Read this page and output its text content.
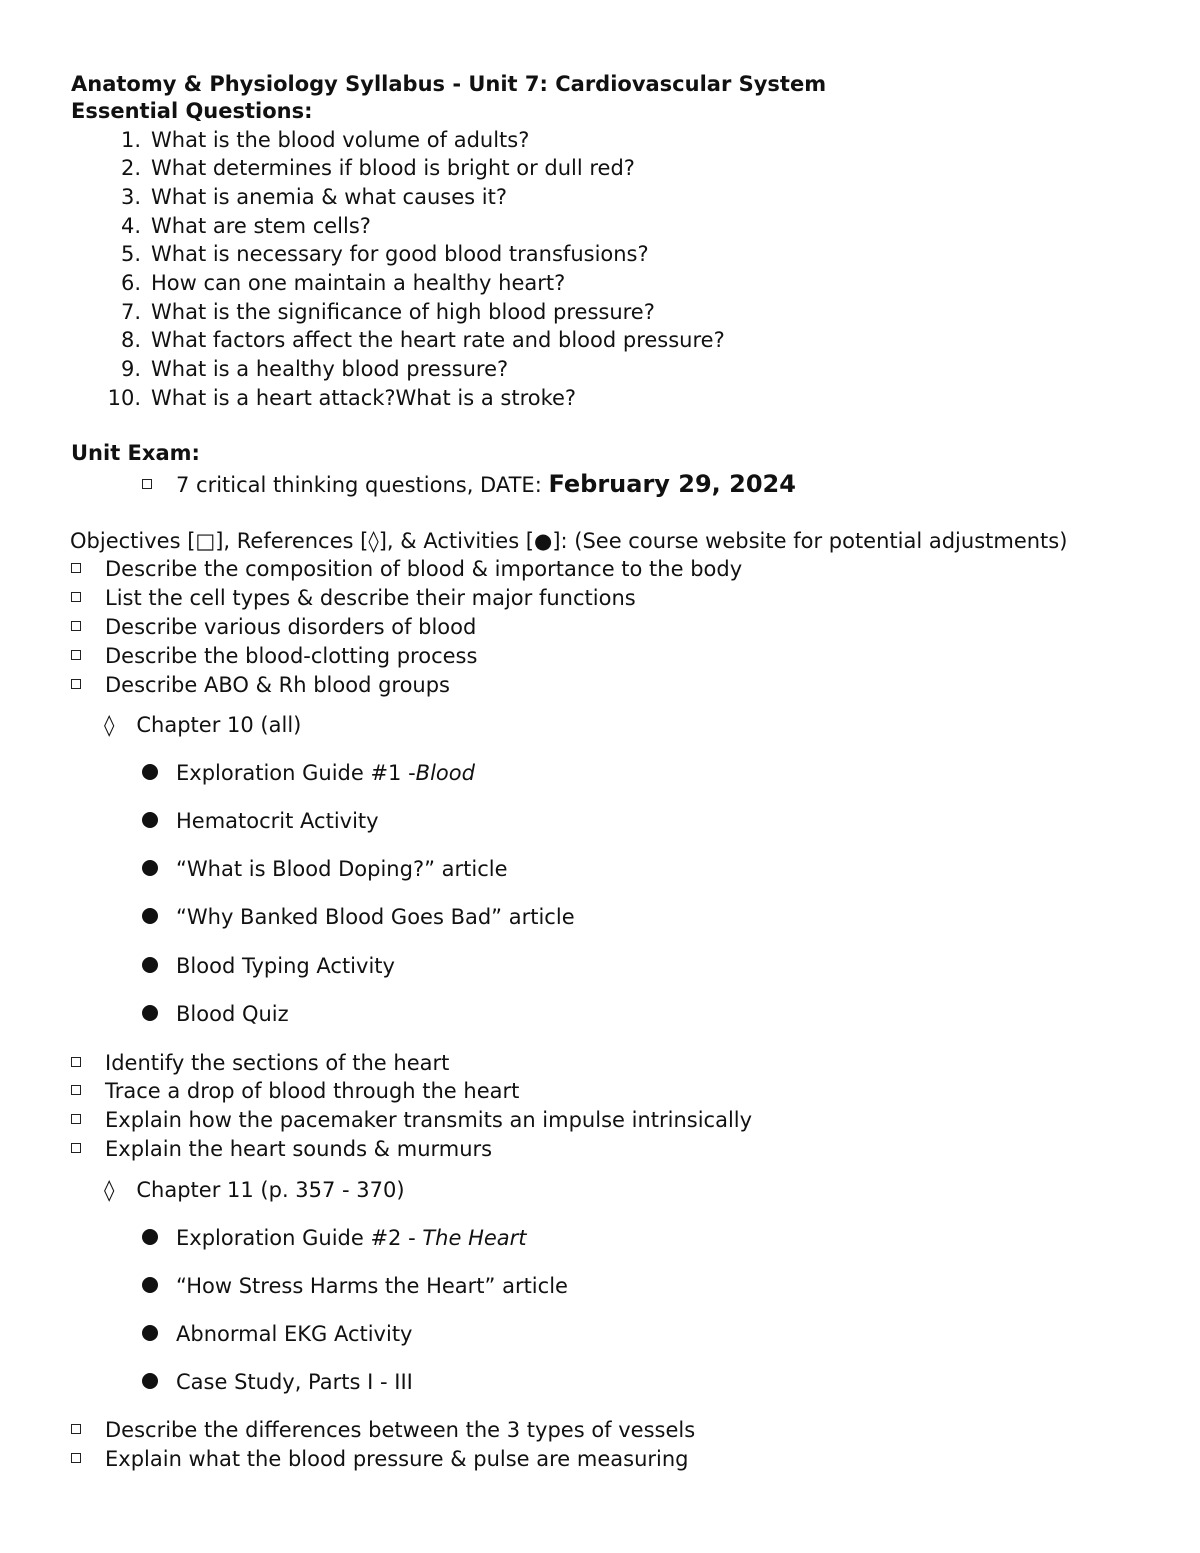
Anatomy & Physiology Syllabus - Unit 7: Cardiovascular System
Essential Questions:
1. What is the blood volume of adults?
2. What determines if blood is bright or dull red?
3. What is anemia & what causes it?
4. What are stem cells?
5. What is necessary for good blood transfusions?
6. How can one maintain a healthy heart?
7. What is the significance of high blood pressure?
8. What factors affect the heart rate and blood pressure?
9. What is a healthy blood pressure?
10. What is a heart attack?What is a stroke?
Unit Exam:
7 critical thinking questions, DATE: February 29, 2024
Objectives [□], References [◊], & Activities [●]: (See course website for potential adjustments)
Describe the composition of blood & importance to the body
List the cell types & describe their major functions
Describe various disorders of blood
Describe the blood-clotting process
Describe ABO & Rh blood groups
◊ Chapter 10 (all)
Exploration Guide #1 -Blood
Hematocrit Activity
“What is Blood Doping?” article
“Why Banked Blood Goes Bad” article
Blood Typing Activity
Blood Quiz
Identify the sections of the heart
Trace a drop of blood through the heart
Explain how the pacemaker transmits an impulse intrinsically
Explain the heart sounds & murmurs
◊ Chapter 11 (p. 357 - 370)
Exploration Guide #2 - The Heart
“How Stress Harms the Heart” article
Abnormal EKG Activity
Case Study, Parts I - III
Describe the differences between the 3 types of vessels
Explain what the blood pressure & pulse are measuring
